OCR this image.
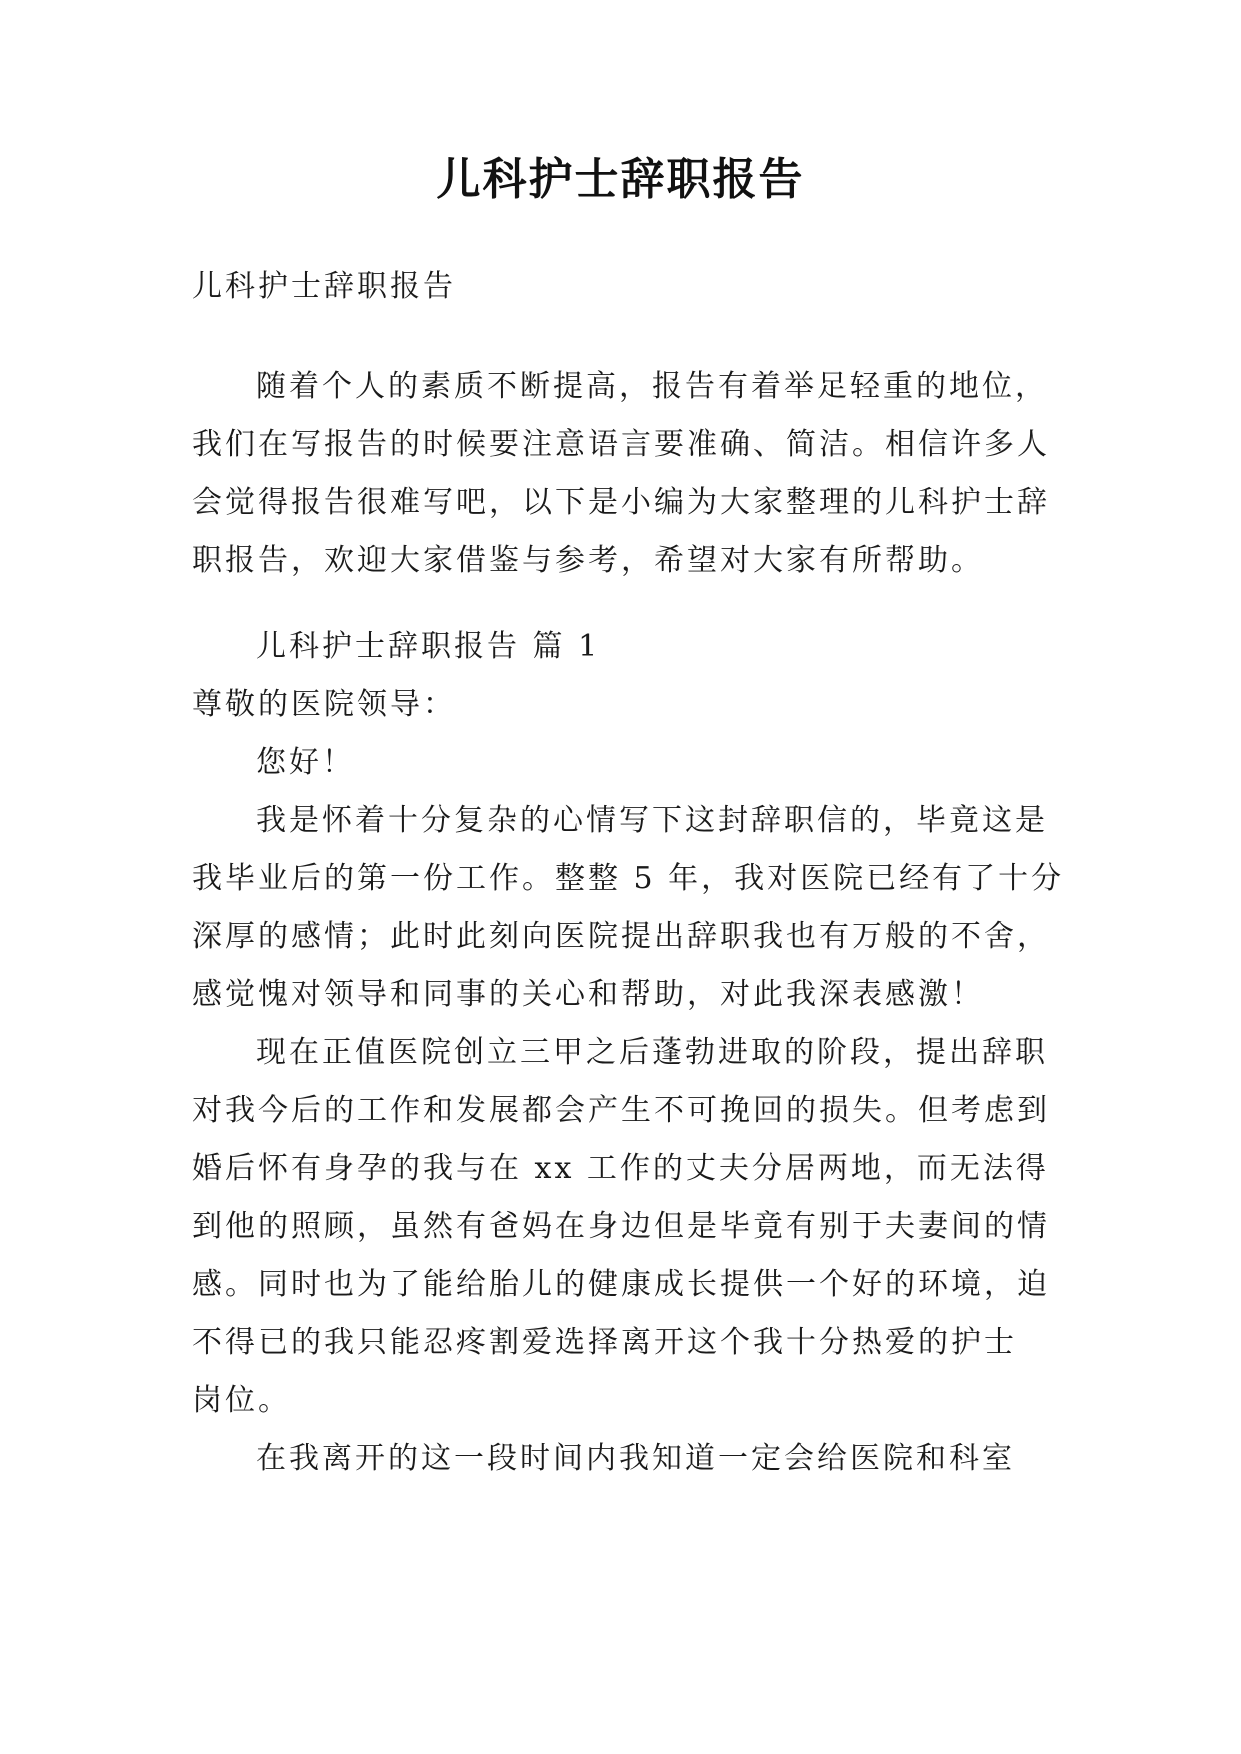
儿科护士辞职报告
儿科护士辞职报告
随着个人的素质不断提高，报告有着举足轻重的地位，
我们在写报告的时候要注意语言要准确、简洁。相信许多人
会觉得报告很难写吧，以下是小编为大家整理的儿科护士辞
职报告，欢迎大家借鉴与参考，希望对大家有所帮助。
儿科护士辞职报告 篇 1
尊敬的医院领导：
您好！
我是怀着十分复杂的心情写下这封辞职信的，毕竟这是
我毕业后的第一份工作。整整 5 年，我对医院已经有了十分
深厚的感情；此时此刻向医院提出辞职我也有万般的不舍，
感觉愧对领导和同事的关心和帮助，对此我深表感激！
现在正值医院创立三甲之后蓬勃进取的阶段，提出辞职
对我今后的工作和发展都会产生不可挽回的损失。但考虑到
婚后怀有身孕的我与在 xx 工作的丈夫分居两地，而无法得
到他的照顾，虽然有爸妈在身边但是毕竟有别于夫妻间的情
感。同时也为了能给胎儿的健康成长提供一个好的环境，迫
不得已的我只能忍疼割爱选择离开这个我十分热爱的护士
岗位。
在我离开的这一段时间内我知道一定会给医院和科室
